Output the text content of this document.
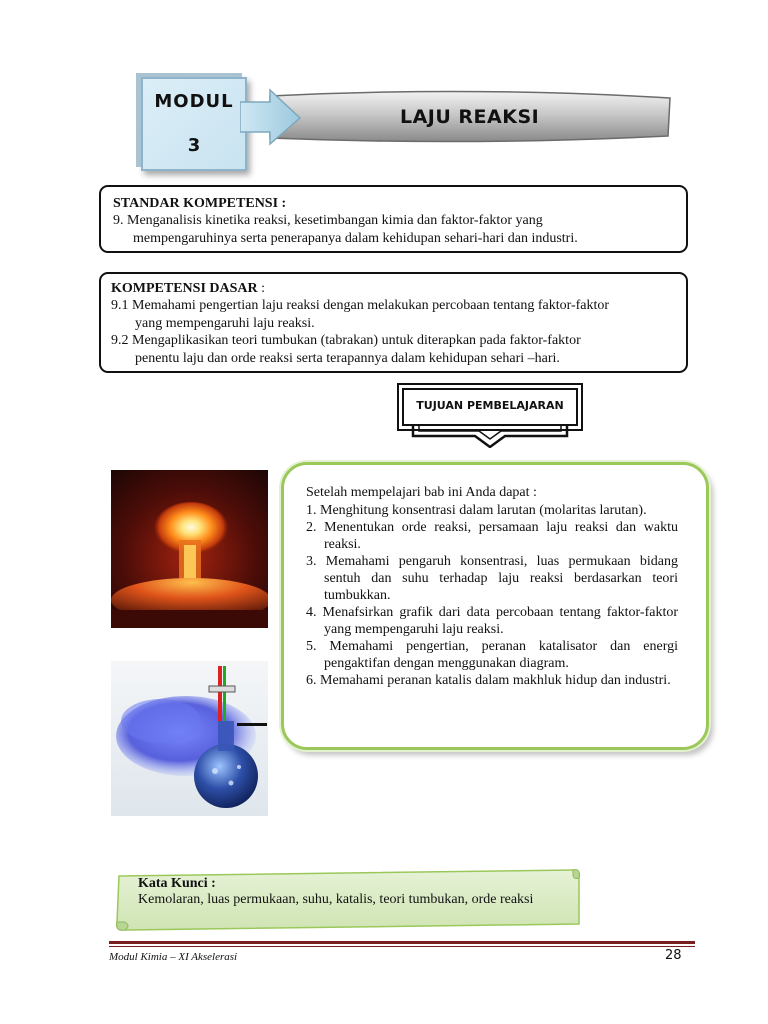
MODUL
3
LAJU REAKSI
STANDAR KOMPETENSI :
9. Menganalisis kinetika reaksi, kesetimbangan kimia dan faktor-faktor yang
mempengaruhinya serta penerapanya dalam kehidupan sehari-hari dan industri.
KOMPETENSI DASAR :
9.1 Memahami pengertian laju reaksi dengan melakukan percobaan tentang faktor-faktor
yang mempengaruhi laju reaksi.
9.2 Mengaplikasikan teori tumbukan (tabrakan) untuk diterapkan pada faktor-faktor
penentu laju dan orde reaksi serta terapannya dalam kehidupan sehari –hari.
TUJUAN PEMBELAJARAN
Setelah mempelajari bab ini Anda dapat :
1. Menghitung konsentrasi dalam larutan (molaritas larutan).
2. Menentukan orde reaksi, persamaan laju reaksi dan waktu reaksi.
3. Memahami pengaruh konsentrasi, luas permukaan bidang sentuh dan suhu terhadap laju reaksi berdasarkan teori tumbukkan.
4. Menafsirkan grafik dari data percobaan tentang faktor-faktor yang mempengaruhi laju reaksi.
5. Memahami pengertian, peranan katalisator dan energi pengaktifan dengan menggunakan diagram.
6. Memahami peranan katalis dalam makhluk hidup dan industri.
Kata Kunci :
Kemolaran, luas permukaan, suhu, katalis, teori tumbukan, orde reaksi
Modul Kimia – XI Akselerasi	28
